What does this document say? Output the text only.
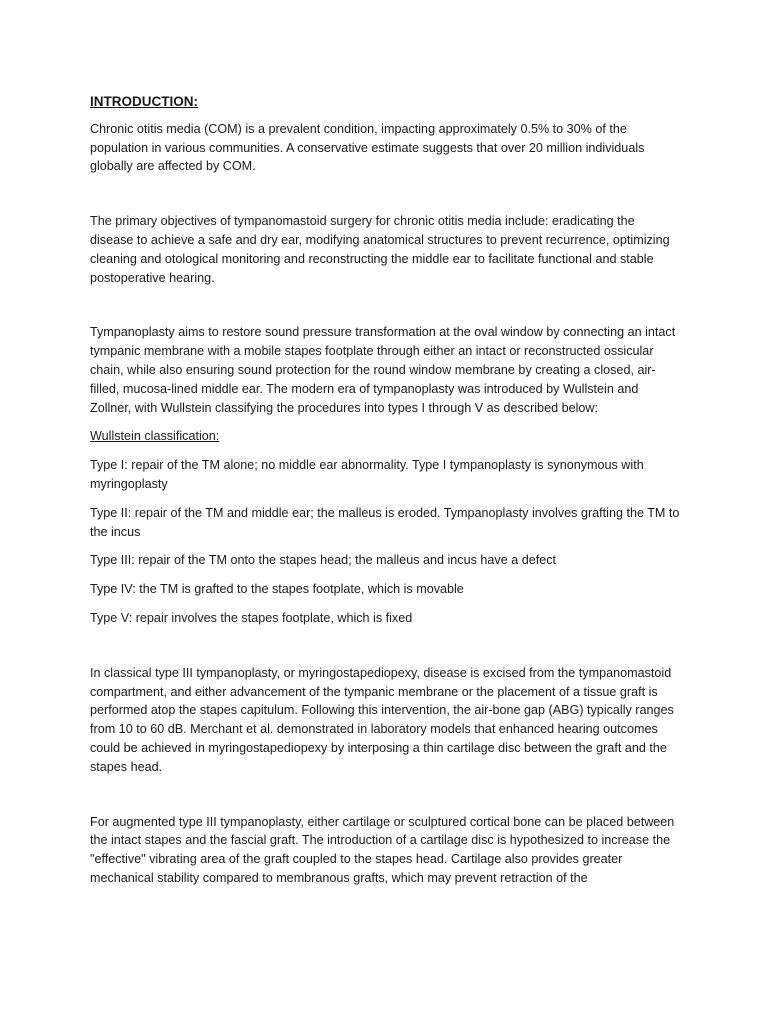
INTRODUCTION:

Chronic otitis media (COM) is a prevalent condition, impacting approximately 0.5% to 30% of the population in various communities. A conservative estimate suggests that over 20 million individuals globally are affected by COM.

The primary objectives of tympanomastoid surgery for chronic otitis media include: eradicating the disease to achieve a safe and dry ear, modifying anatomical structures to prevent recurrence, optimizing cleaning and otological monitoring and reconstructing the middle ear to facilitate functional and stable postoperative hearing.

Tympanoplasty aims to restore sound pressure transformation at the oval window by connecting an intact tympanic membrane with a mobile stapes footplate through either an intact or reconstructed ossicular chain, while also ensuring sound protection for the round window membrane by creating a closed, air-filled, mucosa-lined middle ear. The modern era of tympanoplasty was introduced by Wullstein and Zollner, with Wullstein classifying the procedures into types I through V as described below:

Wullstein classification:

Type I: repair of the TM alone; no middle ear abnormality. Type I tympanoplasty is synonymous with myringoplasty

Type II: repair of the TM and middle ear; the malleus is eroded. Tympanoplasty involves grafting the TM to the incus

Type III: repair of the TM onto the stapes head; the malleus and incus have a defect

Type IV: the TM is grafted to the stapes footplate, which is movable

Type V: repair involves the stapes footplate, which is fixed

In classical type III tympanoplasty, or myringostapediopexy, disease is excised from the tympanomastoid compartment, and either advancement of the tympanic membrane or the placement of a tissue graft is performed atop the stapes capitulum. Following this intervention, the air-bone gap (ABG) typically ranges from 10 to 60 dB. Merchant et al. demonstrated in laboratory models that enhanced hearing outcomes could be achieved in myringostapediopexy by interposing a thin cartilage disc between the graft and the stapes head.

For augmented type III tympanoplasty, either cartilage or sculptured cortical bone can be placed between the intact stapes and the fascial graft. The introduction of a cartilage disc is hypothesized to increase the "effective" vibrating area of the graft coupled to the stapes head. Cartilage also provides greater mechanical stability compared to membranous grafts, which may prevent retraction of the
